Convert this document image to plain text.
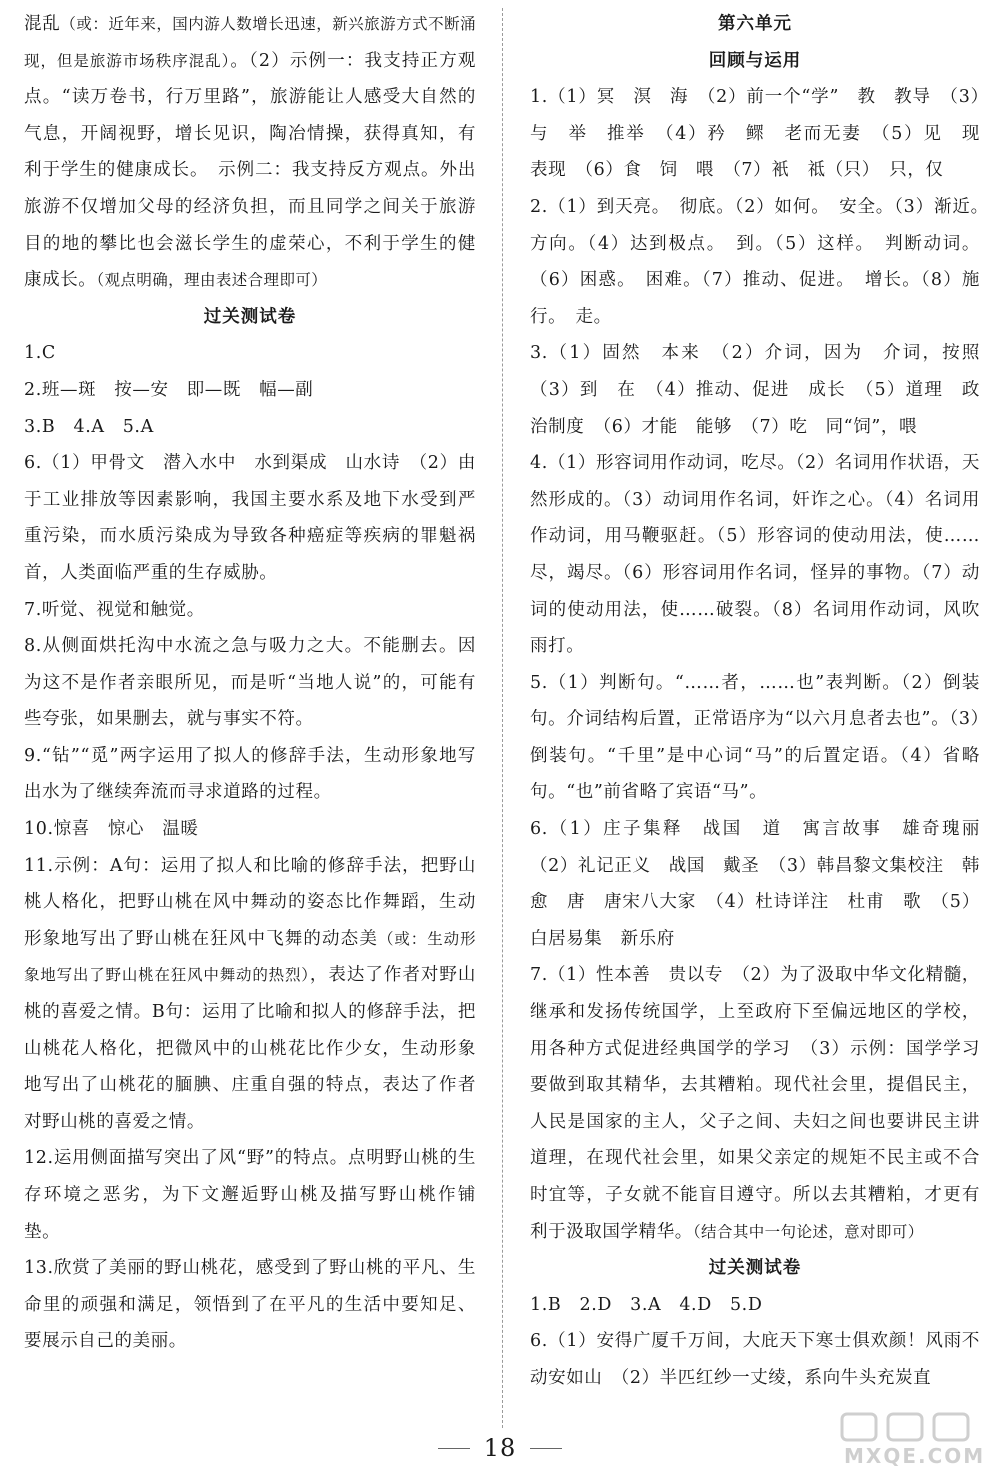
混乱（或：近年来，国内游人数增长迅速，新兴旅游方式不断涌现，但是旅游市场秩序混乱）。（2）示例一：我支持正方观点。“读万卷书，行万里路”，旅游能让人感受大自然的气息，开阔视野，增长见识，陶冶情操，获得真知，有利于学生的健康成长。　示例二：我支持反方观点。外出旅游不仅增加父母的经济负担，而且同学之间关于旅游目的地的攀比也会滋长学生的虚荣心，不利于学生的健康成长。（观点明确，理由表述合理即可）

过关测试卷

1.C

2.班—斑　按—安　即—既　幅—副

3.B　4.A　5.A

6.（1）甲骨文　潜入水中　水到渠成　山水诗　（2）由于工业排放等因素影响，我国主要水系及地下水受到严重污染，而水质污染成为导致各种癌症等疾病的罪魁祸首，人类面临严重的生存威胁。

7.听觉、视觉和触觉。

8.从侧面烘托沟中水流之急与吸力之大。不能删去。因为这不是作者亲眼所见，而是听“当地人说”的，可能有些夸张，如果删去，就与事实不符。

9.“钻”“觅”两字运用了拟人的修辞手法，生动形象地写出水为了继续奔流而寻求道路的过程。

10.惊喜　惊心　温暖

11.示例：A句：运用了拟人和比喻的修辞手法，把野山桃人格化，把野山桃在风中舞动的姿态比作舞蹈，生动形象地写出了野山桃在狂风中飞舞的动态美（或：生动形象地写出了野山桃在狂风中舞动的热烈），表达了作者对野山桃的喜爱之情。B句：运用了比喻和拟人的修辞手法，把山桃花人格化，把微风中的山桃花比作少女，生动形象地写出了山桃花的腼腆、庄重自强的特点，表达了作者对野山桃的喜爱之情。

12.运用侧面描写突出了风“野”的特点。点明野山桃的生存环境之恶劣，为下文邂逅野山桃及描写野山桃作铺垫。

13.欣赏了美丽的野山桃花，感受到了野山桃的平凡、生命里的顽强和满足，领悟到了在平凡的生活中要知足、要展示自己的美丽。

第六单元

回顾与运用

1.（1）冥　溟　海　（2）前一个“学”　教　教导　（3）与　举　推举　（4）矜　鳏　老而无妻　（5）见　现　表现　（6）食　饲　喂　（7）衹　祗（只）　只，仅

2.（1）到天亮。　彻底。（2）如何。　安全。（3）渐近。　方向。（4）达到极点。　到。（5）这样。　判断动词。（6）困惑。　困难。（7）推动、促进。　增长。（8）施行。　走。

3.（1）固然　本来　（2）介词，因为　介词，按照　（3）到　在　（4）推动、促进　成长　（5）道理　政治制度　（6）才能　能够　（7）吃　同“饲”，喂

4.（1）形容词用作动词，吃尽。（2）名词用作状语，天然形成的。（3）动词用作名词，奸诈之心。（4）名词用作动词，用马鞭驱赶。（5）形容词的使动用法，使……尽，竭尽。（6）形容词用作名词，怪异的事物。（7）动词的使动用法，使……破裂。（8）名词用作动词，风吹雨打。

5.（1）判断句。“……者，……也”表判断。（2）倒装句。介词结构后置，正常语序为“以六月息者去也”。（3）倒装句。“千里”是中心词“马”的后置定语。（4）省略句。“也”前省略了宾语“马”。

6.（1）庄子集释　战国　道　寓言故事　雄奇瑰丽　（2）礼记正义　战国　戴圣　（3）韩昌黎文集校注　韩愈　唐　唐宋八大家　（4）杜诗详注　杜甫　歌　（5）白居易集　新乐府

7.（1）性本善　贵以专　（2）为了汲取中华文化精髓，继承和发扬传统国学，上至政府下至偏远地区的学校，用各种方式促进经典国学的学习　（3）示例：国学学习要做到取其精华，去其糟粕。现代社会里，提倡民主，人民是国家的主人，父子之间、夫妇之间也要讲民主讲道理，在现代社会里，如果父亲定的规矩不民主或不合时宜等，子女就不能盲目遵守。所以去其糟粕，才更有利于汲取国学精华。（结合其中一句论述，意对即可）

过关测试卷

1.B　2.D　3.A　4.D　5.D

6.（1）安得广厦千万间，大庇天下寒士俱欢颜！风雨不动安如山　（2）半匹红纱一丈绫，系向牛头充炭直

18	MXQE.COM
